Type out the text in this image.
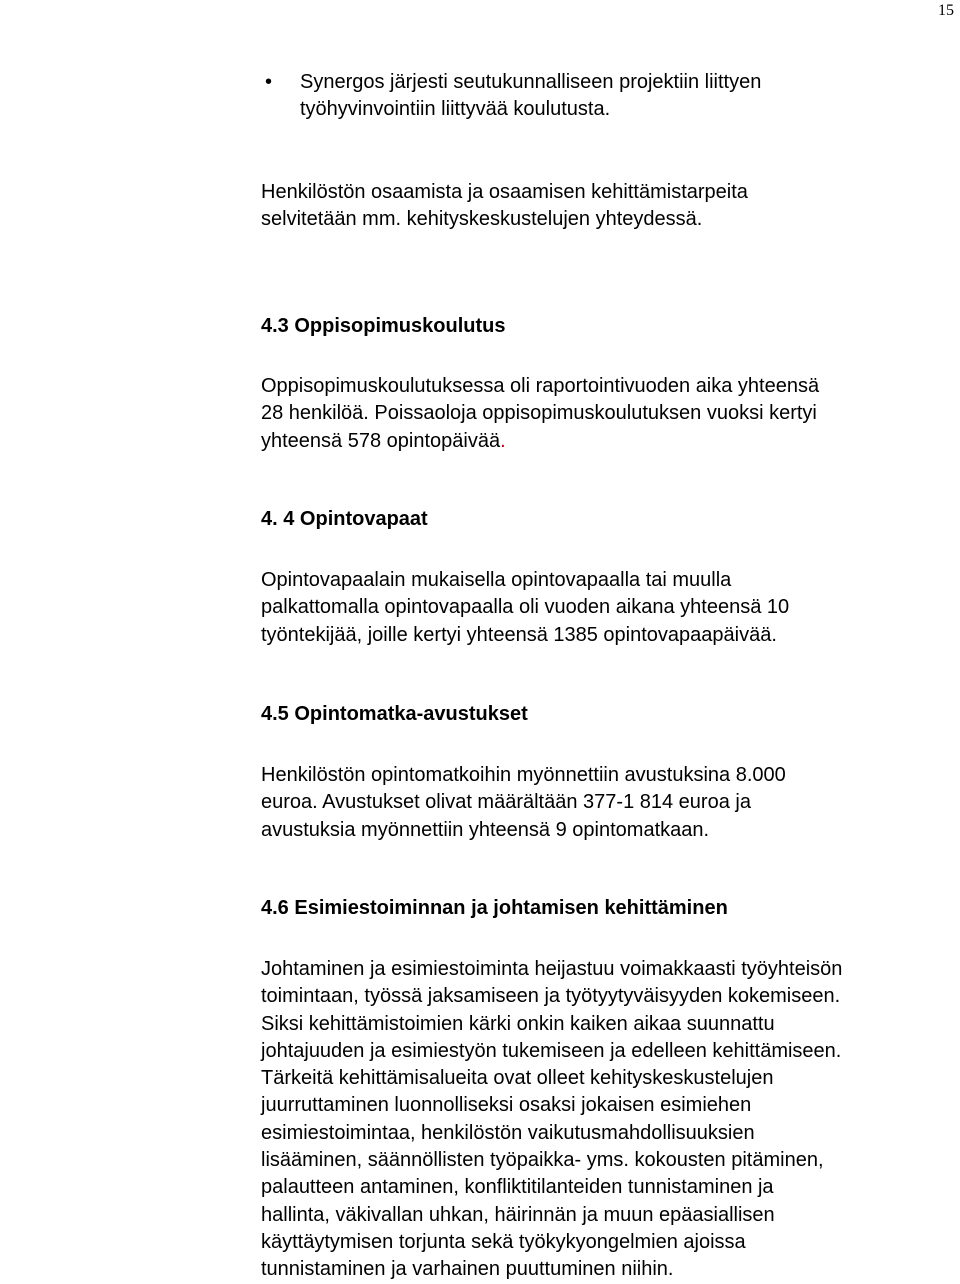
15
• Synergos järjesti seutukunnalliseen projektiin liittyen
työhyvinvointiin liittyvää koulutusta.
Henkilöstön osaamista ja osaamisen kehittämistarpeita
selvitetään mm. kehityskeskustelujen yhteydessä.
4.3 Oppisopimuskoulutus
Oppisopimuskoulutuksessa oli raportointivuoden aika yhteensä
28 henkilöä. Poissaoloja oppisopimuskoulutuksen vuoksi kertyi
yhteensä 578 opintopäivää.
4. 4 Opintovapaat
Opintovapaalain mukaisella opintovapaalla tai muulla
palkattomalla opintovapaalla oli vuoden aikana yhteensä 10
työntekijää, joille kertyi yhteensä 1385 opintovapaapäivää.
4.5 Opintomatka-avustukset
Henkilöstön opintomatkoihin myönnettiin avustuksina 8.000
euroa. Avustukset olivat määrältään 377-1 814 euroa ja
avustuksia myönnettiin yhteensä 9 opintomatkaan.
4.6 Esimiestoiminnan ja johtamisen kehittäminen
Johtaminen ja esimiestoiminta heijastuu voimakkaasti työyhteisön
toimintaan, työssä jaksamiseen ja työtyytyväisyyden kokemiseen.
Siksi kehittämistoimien kärki onkin kaiken aikaa suunnattu
johtajuuden ja esimiestyön tukemiseen ja edelleen kehittämiseen.
Tärkeitä kehittämisalueita ovat olleet kehityskeskustelujen
juurruttaminen luonnolliseksi osaksi jokaisen esimiehen
esimiestoimintaa, henkilöstön vaikutusmahdollisuuksien
lisääminen, säännöllisten työpaikka- yms. kokousten pitäminen,
palautteen antaminen, konfliktitilanteiden tunnistaminen ja
hallinta, väkivallan uhkan, häirinnän ja muun epäasiallisen
käyttäytymisen torjunta sekä työkykyongelmien ajoissa
tunnistaminen ja varhainen puuttuminen niihin.
